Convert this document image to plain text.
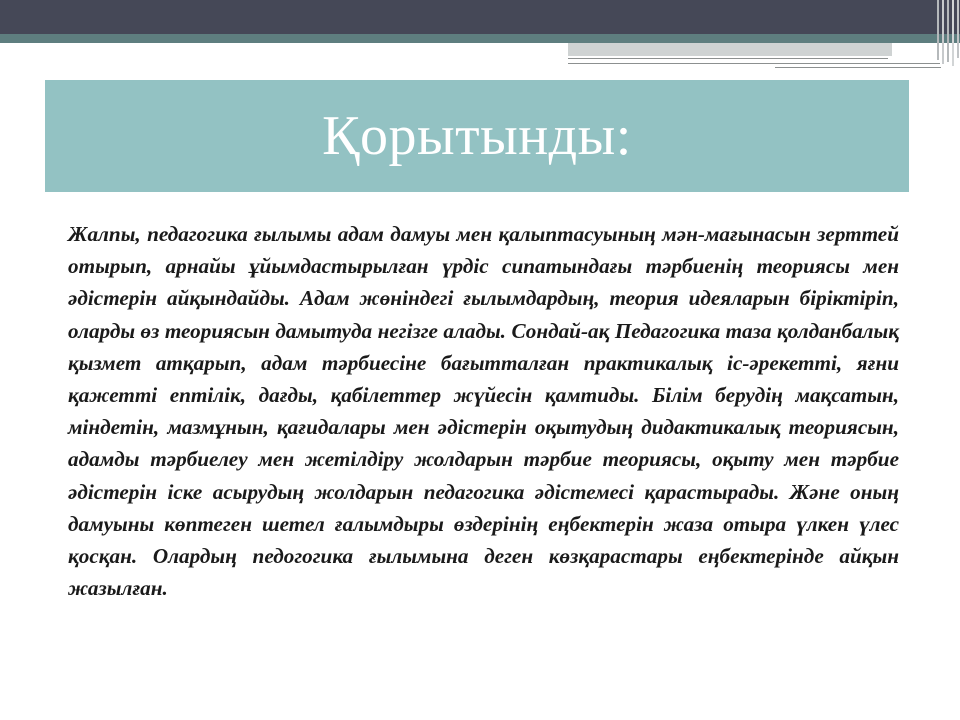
Қорытынды:

Жалпы, педагогика ғылымы адам дамуы мен қалыптасуының мән-мағынасын зерттей отырып, арнайы ұйымдастырылған үрдіс сипатындағы тәрбиенің теориясы мен әдістерін айқындайды. Адам жөніндегі ғылымдардың, теория идеяларын біріктіріп, оларды өз теориясын дамытуда негізге алады. Сондай-ақ Педагогика таза қолданбалық қызмет атқарып, адам тәрбиесіне бағытталған практикалық іс-әрекетті, яғни қажетті ептілік, дағды, қабілеттер жүйесін қамтиды. Білім берудің мақсатын, міндетін, мазмұнын, қағидалары мен әдістерін оқытудың дидактикалық теориясын, адамды тәрбиелеу мен жетілдіру жолдарын тәрбие теориясы, оқыту мен тәрбие әдістерін іске асырудың жолдарын педагогика әдістемесі қарастырады. Және оның дамуыны көптеген шетел ғалымдыры өздерінің еңбектерін жаза отыра үлкен үлес қосқан. Олардың педогогика ғылымына деген көзқарастары еңбектерінде айқын жазылған.
